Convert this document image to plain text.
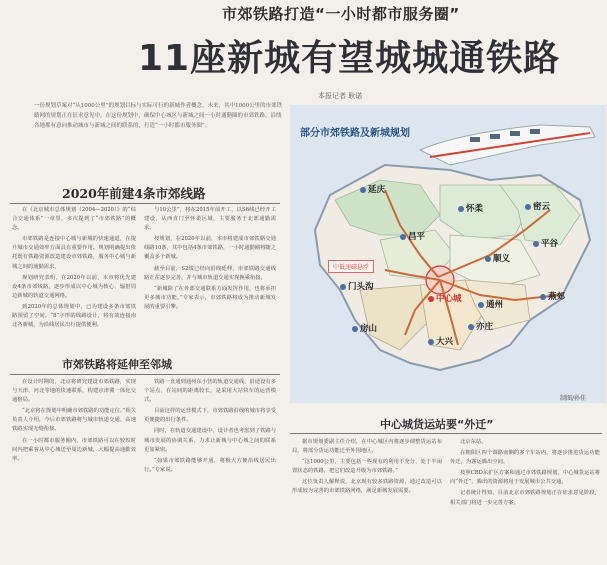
市郊铁路打造“一小时都市服务圈”
11座新城有望城城通铁路
本报记者 耿诺
一份规划草案对“从1000公里”的规划目标与实际可行的新城作者概念，未来，其中1000公里的市郊铁路网的规划正在征求意见中。在这份规划中，确保中心城区与新城之间一小时通勤圈的市郊铁路，沿线各地都有意向推动城市与新城之间的联系的，打造“一小时都市服务圈”。
2020年前建4条市郊线路

在《北京城市总体规划（2004—2020）》的“综合交通体系”一章里，多次提到了“市郊铁路”的概念。

市郊铁路是连接中心城与新城的快速通道，在提升城市交通效率方面具有重要作用。规划明确提出依托既有铁路资源改造建设市郊铁路，服务中心城与新城之间的通勤需求。

规划研究表明，在2020年以前，本市将优先建设4条市郊线路，逐步形成以中心城为核心、辐射周边新城的轨道交通网络。

到2020年的总体规划中，已为建设多条市郊铁路预留了空间。“8”字形的线路设计，将有效连接南北各新城，为沿线居民出行提供便利。

与10公里”，将在2015年前开工，以S6线已经开工建设，从西直门至怀柔区域，主要服务于北部通勤需求。

按规划，在2020年以前，本市将建成市郊铁路交通线路10条，其中包括4条市郊铁路，一小时通勤圈将随之覆盖多个新城。

截至目前，S2线已经向沿线延伸，市郊铁路交通线路正在逐步完善，并与城市轨道交通实现换乘衔接。

“新城除了在外部交通联系方面发挥作用，也将承担更多城市功能。”专家表示，市郊铁路将成为推动新城发展的重要引擎。

市郊铁路将延伸至邻城

在设计时期的，北京将研究建设市郊铁路，实现与天津、河北等地的快速联系，构建京津冀一体化交通格局。

“北京将在规划中明确市郊铁路的功能定位。”相关负责人介绍，今后市郊铁路将与城市轨道交通、高速铁路实现无缝衔接。

在一小时都市服务圈内，市郊铁路可以在较短时间内把乘客从中心城送至周边新城，大幅提高通勤效率。

铁路一直通到通州东小营的轨道交通线，沿途设有多个站点，在站间的距离较长，是采用大站快车的运营模式。

目前这样的运营模式下，市郊铁路沿线的城市将享受更便捷的出行条件。

同时，在轨道交通建设中，设计者也考虑到了铁路与城市发展的协调关系，力求让新城与中心城之间的联系更加紧密。

“如果市郊铁路能够开通，将极大方便沿线居民出行。”专家说。

部分市郊铁路及新城规划
延庆
怀柔	密云
平谷
顺义
昌平
门头沟
中心城
通州
燕郊
房山
大兴
亦庄
中低速磁悬浮
制图/孙佳
中心城货运站要“外迁”

据市规划委副主任介绍，在中心城区内将逐步调整货运站布局，将部分货运功能迁至外围地区。

“这1000公里，主要包括一些现有的利用不充分、处于半闲置状态的铁路，把它们改造升级为市郊铁路。”

这位负责人解释说，北京现有较多铁路资源，通过改造可以形成较为完善的市郊铁路网络，满足新城发展需要。

北京东站。

在朝阳区四个调路南侧的多个车站内，将逐步推进货运功能外迁，为客运腾出空间。

按照CBD东扩区方案和通过市郊铁路规划，中心城货运站将向“外迁”，腾出的资源将用于发展城市公共交通。

记者统计得知，目前北京市郊铁路规划正在征求意见阶段，相关部门将进一步完善方案。
